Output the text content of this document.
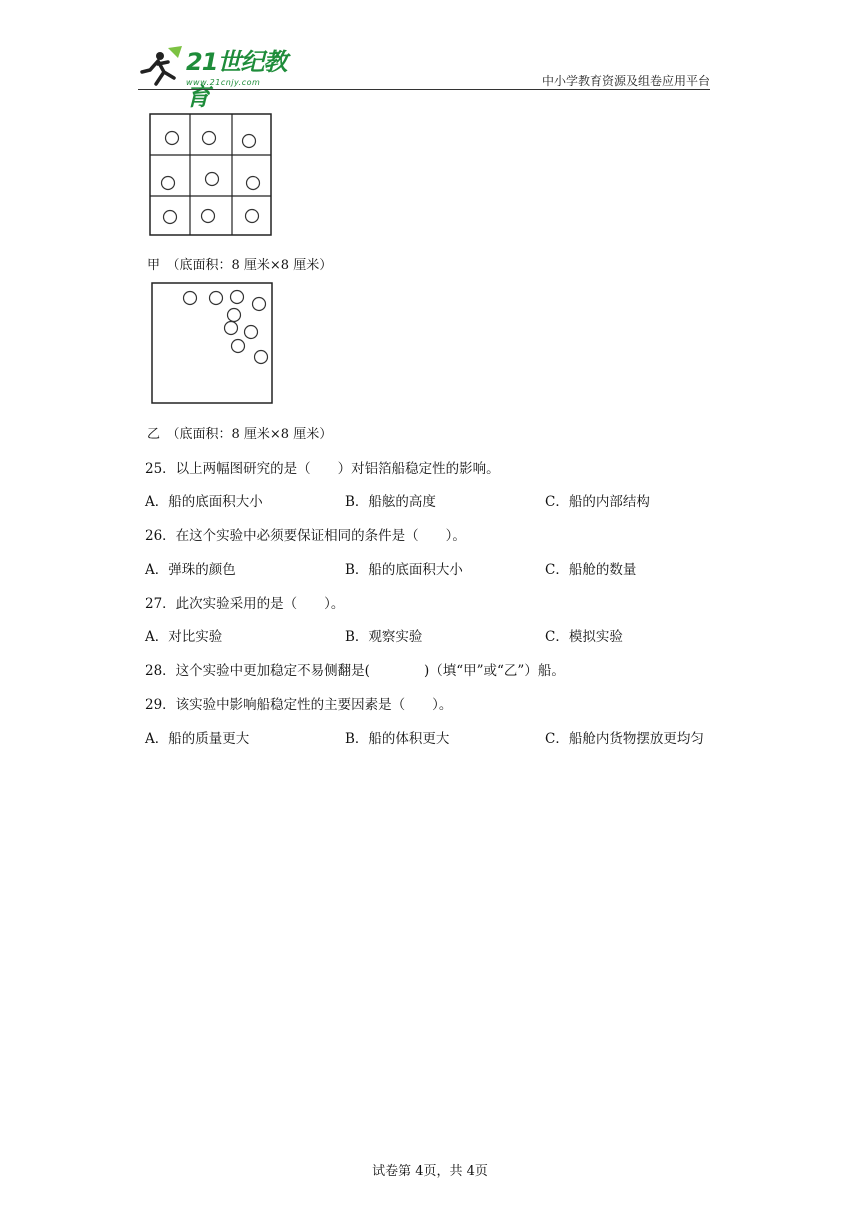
21世纪教育
www.21cnjy.com	中小学教育资源及组卷应用平台
甲　（底面积：8 厘米×8 厘米）
乙　（底面积：8 厘米×8 厘米）
25．以上两幅图研究的是（　　）对铝箔船稳定性的影响。
A．船的底面积大小	B．船舷的高度	C．船的内部结构
26．在这个实验中必须要保证相同的条件是（　　）。
A．弹珠的颜色	B．船的底面积大小	C．船舱的数量
27．此次实验采用的是（　　）。
A．对比实验	B．观察实验	C．模拟实验
28．这个实验中更加稳定不易侧翻是(　　　　)（填“甲”或“乙”）船。
29．该实验中影响船稳定性的主要因素是（　　）。
A．船的质量更大	B．船的体积更大	C．船舱内货物摆放更均匀
试卷第 4页，共 4页
